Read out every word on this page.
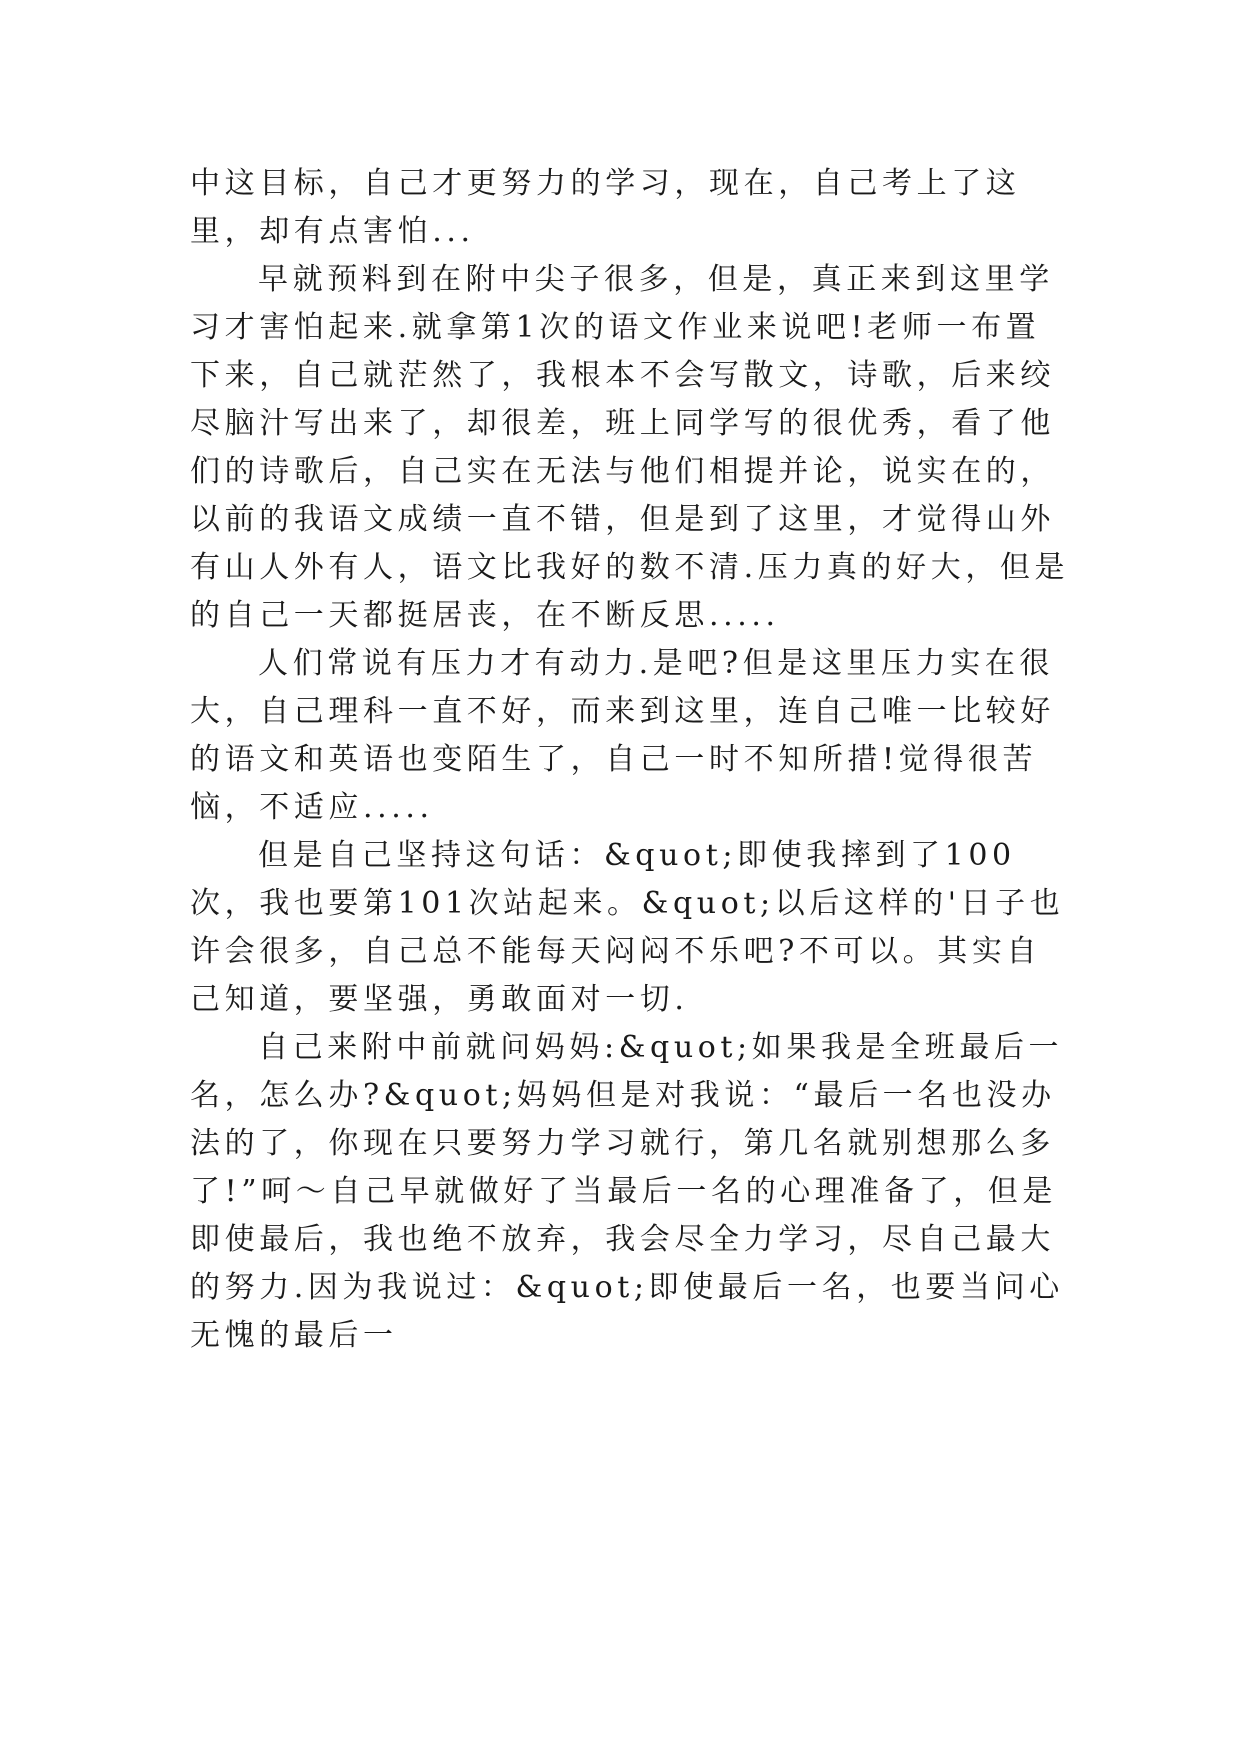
中这目标，自己才更努力的学习，现在，自己考上了这里，却有点害怕...

早就预料到在附中尖子很多，但是，真正来到这里学习才害怕起来.就拿第1次的语文作业来说吧!老师一布置下来，自己就茫然了，我根本不会写散文，诗歌，后来绞尽脑汁写出来了，却很差，班上同学写的很优秀，看了他们的诗歌后，自己实在无法与他们相提并论，说实在的，以前的我语文成绩一直不错，但是到了这里，才觉得山外有山人外有人，语文比我好的数不清.压力真的好大，但是的自己一天都挺居丧，在不断反思.....

人们常说有压力才有动力.是吧?但是这里压力实在很大，自己理科一直不好，而来到这里，连自己唯一比较好的语文和英语也变陌生了，自己一时不知所措!觉得很苦恼，不适应.....

但是自己坚持这句话：&quot;即使我摔到了100次，我也要第101次站起来。&quot;以后这样的'日子也许会很多，自己总不能每天闷闷不乐吧?不可以。其实自己知道，要坚强，勇敢面对一切.

自己来附中前就问妈妈:&quot;如果我是全班最后一名，怎么办?&quot;妈妈但是对我说：“最后一名也没办法的了，你现在只要努力学习就行，第几名就别想那么多了!”呵～自己早就做好了当最后一名的心理准备了，但是即使最后，我也绝不放弃，我会尽全力学习，尽自己最大的努力.因为我说过：&quot;即使最后一名，也要当问心无愧的最后一
